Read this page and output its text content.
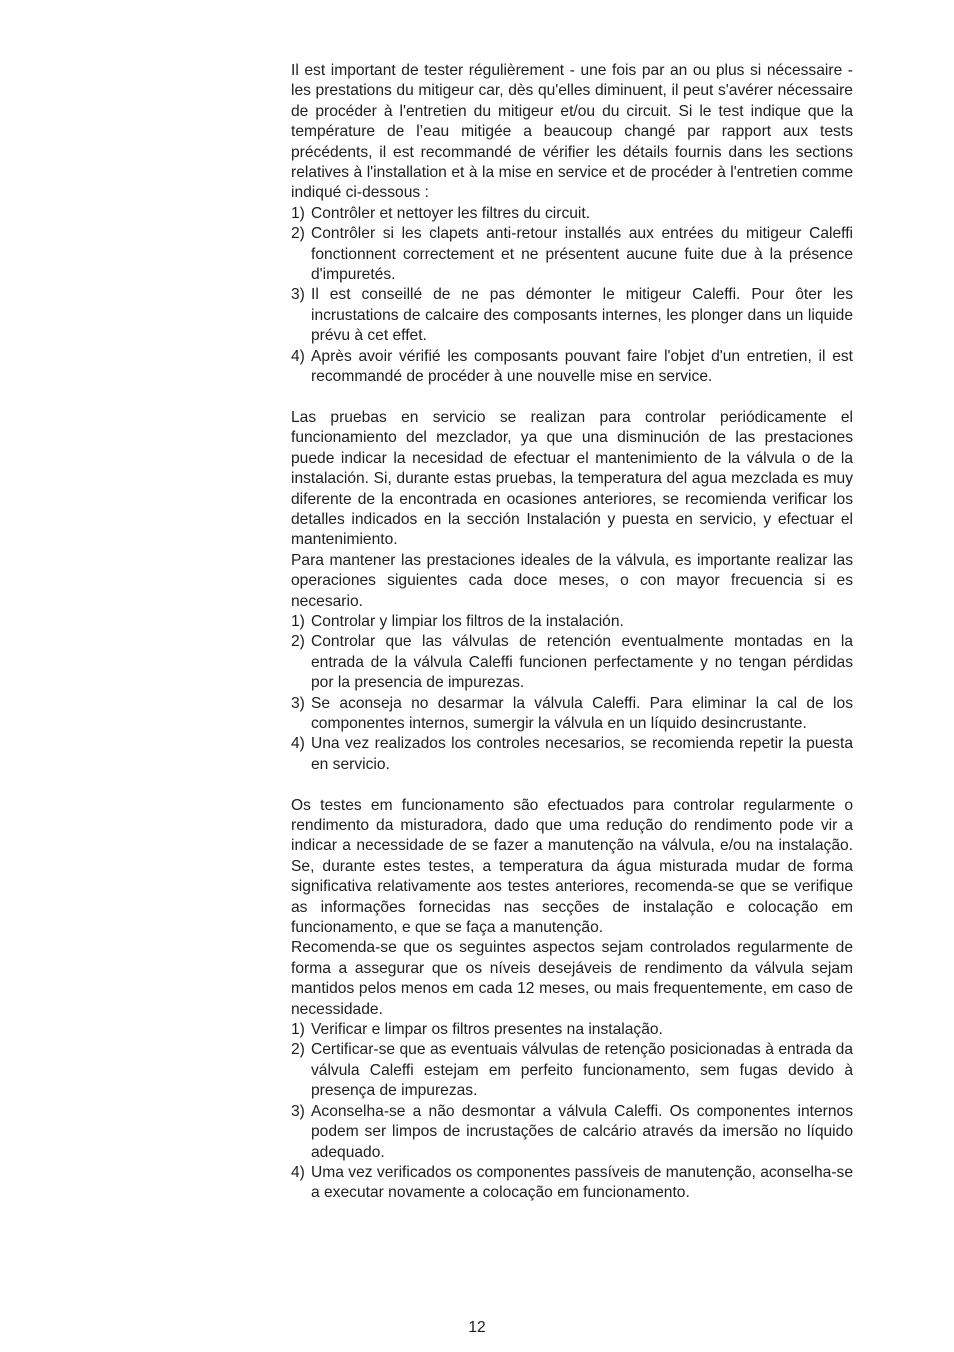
Il est important de tester régulièrement - une fois par an ou plus si nécessaire - les prestations du mitigeur car, dès qu'elles diminuent, il peut s'avérer nécessaire de procéder à l'entretien du mitigeur et/ou du circuit. Si le test indique que la température de l’eau mitigée a beaucoup changé par rapport aux tests précédents, il est recommandé de vérifier les détails fournis dans les sections relatives à l'installation et à la mise en service et de procéder à l'entretien comme indiqué ci-dessous :

1) Contrôler et nettoyer les filtres du circuit.
2) Contrôler si les clapets anti-retour installés aux entrées du mitigeur Caleffi fonctionnent correctement et ne présentent aucune fuite due à la présence d'impuretés.
3) Il est conseillé de ne pas démonter le mitigeur Caleffi. Pour ôter les incrustations de calcaire des composants internes, les plonger dans un liquide prévu à cet effet.
4) Après avoir vérifié les composants pouvant faire l'objet d'un entretien, il est recommandé de procéder à une nouvelle mise en service.

Las pruebas en servicio se realizan para controlar periódicamente el funcionamiento del mezclador, ya que una disminución de las prestaciones puede indicar la necesidad de efectuar el mantenimiento de la válvula o de la instalación. Si, durante estas pruebas, la temperatura del agua mezclada es muy diferente de la encontrada en ocasiones anteriores, se recomienda verificar los detalles indicados en la sección Instalación y puesta en servicio, y efectuar el mantenimiento.

Para mantener las prestaciones ideales de la válvula, es importante realizar las operaciones siguientes cada doce meses, o con mayor frecuencia si es necesario.

1) Controlar y limpiar los filtros de la instalación.
2) Controlar que las válvulas de retención eventualmente montadas en la entrada de la válvula Caleffi funcionen perfectamente y no tengan pérdidas por la presencia de impurezas.
3) Se aconseja no desarmar la válvula Caleffi. Para eliminar la cal de los componentes internos, sumergir la válvula en un líquido desincrustante.
4) Una vez realizados los controles necesarios, se recomienda repetir la puesta en servicio.

Os testes em funcionamento são efectuados para controlar regularmente o rendimento da misturadora, dado que uma redução do rendimento pode vir a indicar a necessidade de se fazer a manutenção na válvula, e/ou na instalação. Se, durante estes testes, a temperatura da água misturada mudar de forma significativa relativamente aos testes anteriores, recomenda-se que se verifique as informações fornecidas nas secções de instalação e colocação em funcionamento, e que se faça a manutenção.

Recomenda-se que os seguintes aspectos sejam controlados regularmente de forma a assegurar que os níveis desejáveis de rendimento da válvula sejam mantidos pelos menos em cada 12 meses, ou mais frequentemente, em caso de necessidade.

1) Verificar e limpar os filtros presentes na instalação.
2) Certificar-se que as eventuais válvulas de retenção posicionadas à entrada da válvula Caleffi estejam em perfeito funcionamento, sem fugas devido à presença de impurezas.
3) Aconselha-se a não desmontar a válvula Caleffi. Os componentes internos podem ser limpos de incrustações de calcário através da imersão no líquido adequado.
4) Uma vez verificados os componentes passíveis de manutenção, aconselha-se a executar novamente a colocação em funcionamento.
12
